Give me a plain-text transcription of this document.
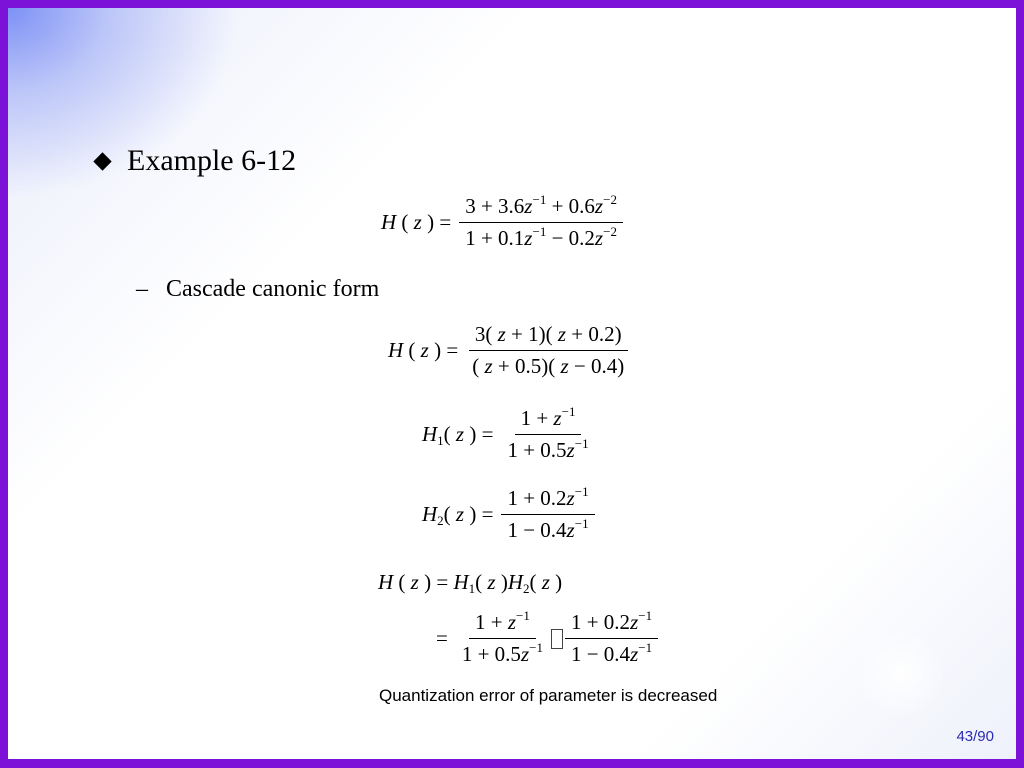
Example 6-12
H ( z ) = $\frac{3 + 3.6z^{-1} + 0.6z^{-2}}{1 + 0.1z^{-1} - 0.2z^{-2}}$
– Cascade canonic form
H ( z ) = $\frac{3( z + 1)( z + 0.2)}{( z + 0.5)( z - 0.4)}$
$H_1$( z ) = $\frac{1 + z^{-1}}{1 + 0.5z^{-1}}$
$H_2$( z ) = $\frac{1 + 0.2z^{-1}}{1 - 0.4z^{-1}}$
H ( z ) = $H_1$( z )$H_2$( z )
= $\frac{1 + z^{-1}}{1 + 0.5z^{-1}} \frac{1 + 0.2z^{-1}}{1 - 0.4z^{-1}}$
Quantization error of parameter is decreased
43/90
